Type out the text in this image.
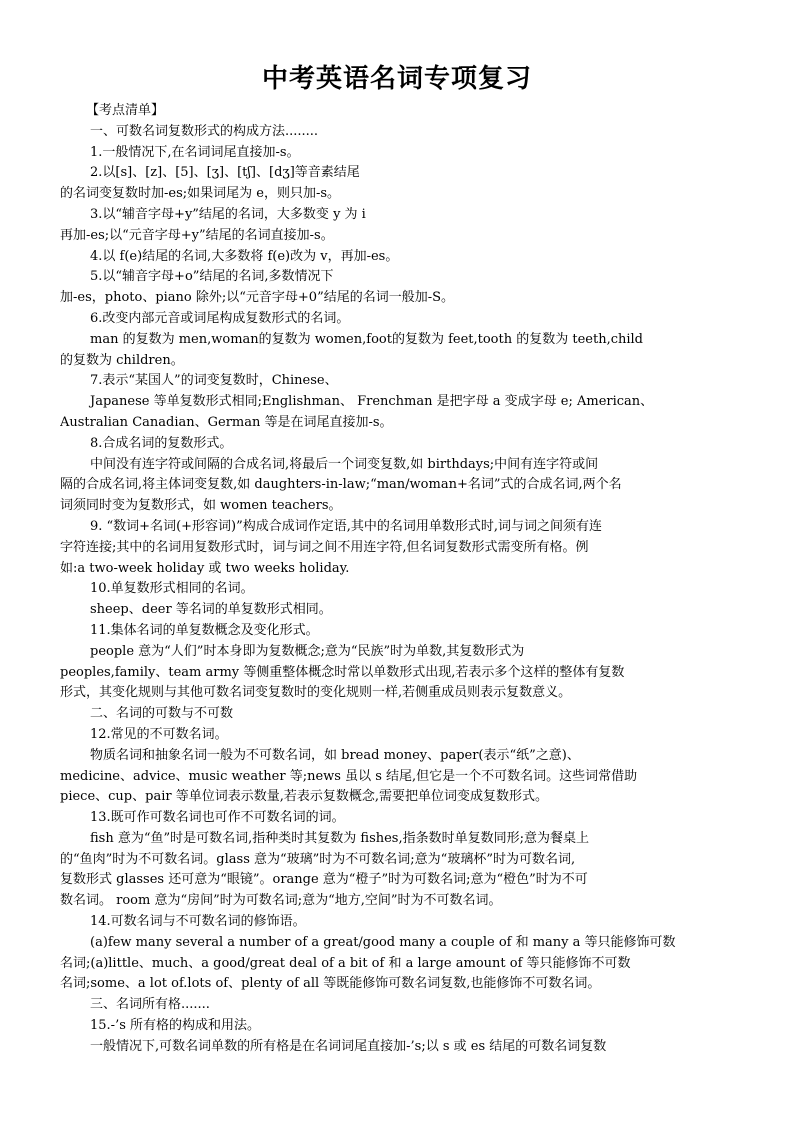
中考英语名词专项复习
【考点清单】
一、可数名词复数形式的构成方法........
1.一般情况下,在名词词尾直接加-s。
2.以[s]、[z]、[5]、[ʒ]、[tʃ]、[dʒ]等音素结尾
的名词变复数时加-es;如果词尾为 e，则只加-s。
3.以“辅音字母+y”结尾的名词，大多数变 y 为 i
再加-es;以“元音字母+y”结尾的名词直接加-s。
4.以 f(e)结尾的名词,大多数将 f(e)改为 v，再加-es。
5.以“辅音字母+o”结尾的名词,多数情况下
加-es，photo、piano 除外;以“元音字母+0”结尾的名词一般加-S。
6.改变内部元音或词尾构成复数形式的名词。
man 的复数为 men,woman的复数为 women,foot的复数为 feet,tooth 的复数为 teeth,child
的复数为 children。
7.表示“某国人”的词变复数时，Chinese、
Japanese 等单复数形式相同;Englishman、 Frenchman 是把字母 a 变成字母 e; American、
Australian Canadian、German 等是在词尾直接加-s。
8.合成名词的复数形式。
中间没有连字符或间隔的合成名词,将最后一个词变复数,如 birthdays;中间有连字符或间
隔的合成名词,将主体词变复数,如 daughters-in-law;“man/woman+名词”式的合成名词,两个名
词须同时变为复数形式，如 women teachers。
9. “数词+名词(+形容词)”构成合成词作定语,其中的名词用单数形式时,词与词之间须有连
字符连接;其中的名词用复数形式时，词与词之间不用连字符,但名词复数形式需变所有格。例
如:a two-week holiday 或 two weeks holiday.
10.单复数形式相同的名词。
sheep、deer 等名词的单复数形式相同。
11.集体名词的单复数概念及变化形式。
people 意为“人们”时本身即为复数概念;意为“民族”时为单数,其复数形式为
peoples,family、team army 等侧重整体概念时常以单数形式出现,若表示多个这样的整体有复数
形式，其变化规则与其他可数名词变复数时的变化规则一样,若侧重成员则表示复数意义。
二、名词的可数与不可数
12.常见的不可数名词。
物质名词和抽象名词一般为不可数名词，如 bread money、paper(表示“纸”之意)、
medicine、advice、music weather 等;news 虽以 s 结尾,但它是一个不可数名词。这些词常借助
piece、cup、pair 等单位词表示数量,若表示复数概念,需要把单位词变成复数形式。
13.既可作可数名词也可作不可数名词的词。
fish 意为“鱼”时是可数名词,指种类时其复数为 fishes,指条数时单复数同形;意为餐桌上
的“鱼肉”时为不可数名词。glass 意为“玻璃”时为不可数名词;意为“玻璃杯”时为可数名词,
复数形式 glasses 还可意为“眼镜”。orange 意为“橙子”时为可数名词;意为“橙色”时为不可
数名词。 room 意为“房间”时为可数名词;意为“地方,空间”时为不可数名词。
14.可数名词与不可数名词的修饰语。
(a)few many several a number of a great/good many a couple of 和 many a 等只能修饰可数
名词;(a)little、much、a good/great deal of a bit of 和 a large amount of 等只能修饰不可数
名词;some、a lot of.lots of、plenty of all 等既能修饰可数名词复数,也能修饰不可数名词。
三、名词所有格.......
15.-’s 所有格的构成和用法。
一般情况下,可数名词单数的所有格是在名词词尾直接加-’s;以 s 或 es 结尾的可数名词复数
